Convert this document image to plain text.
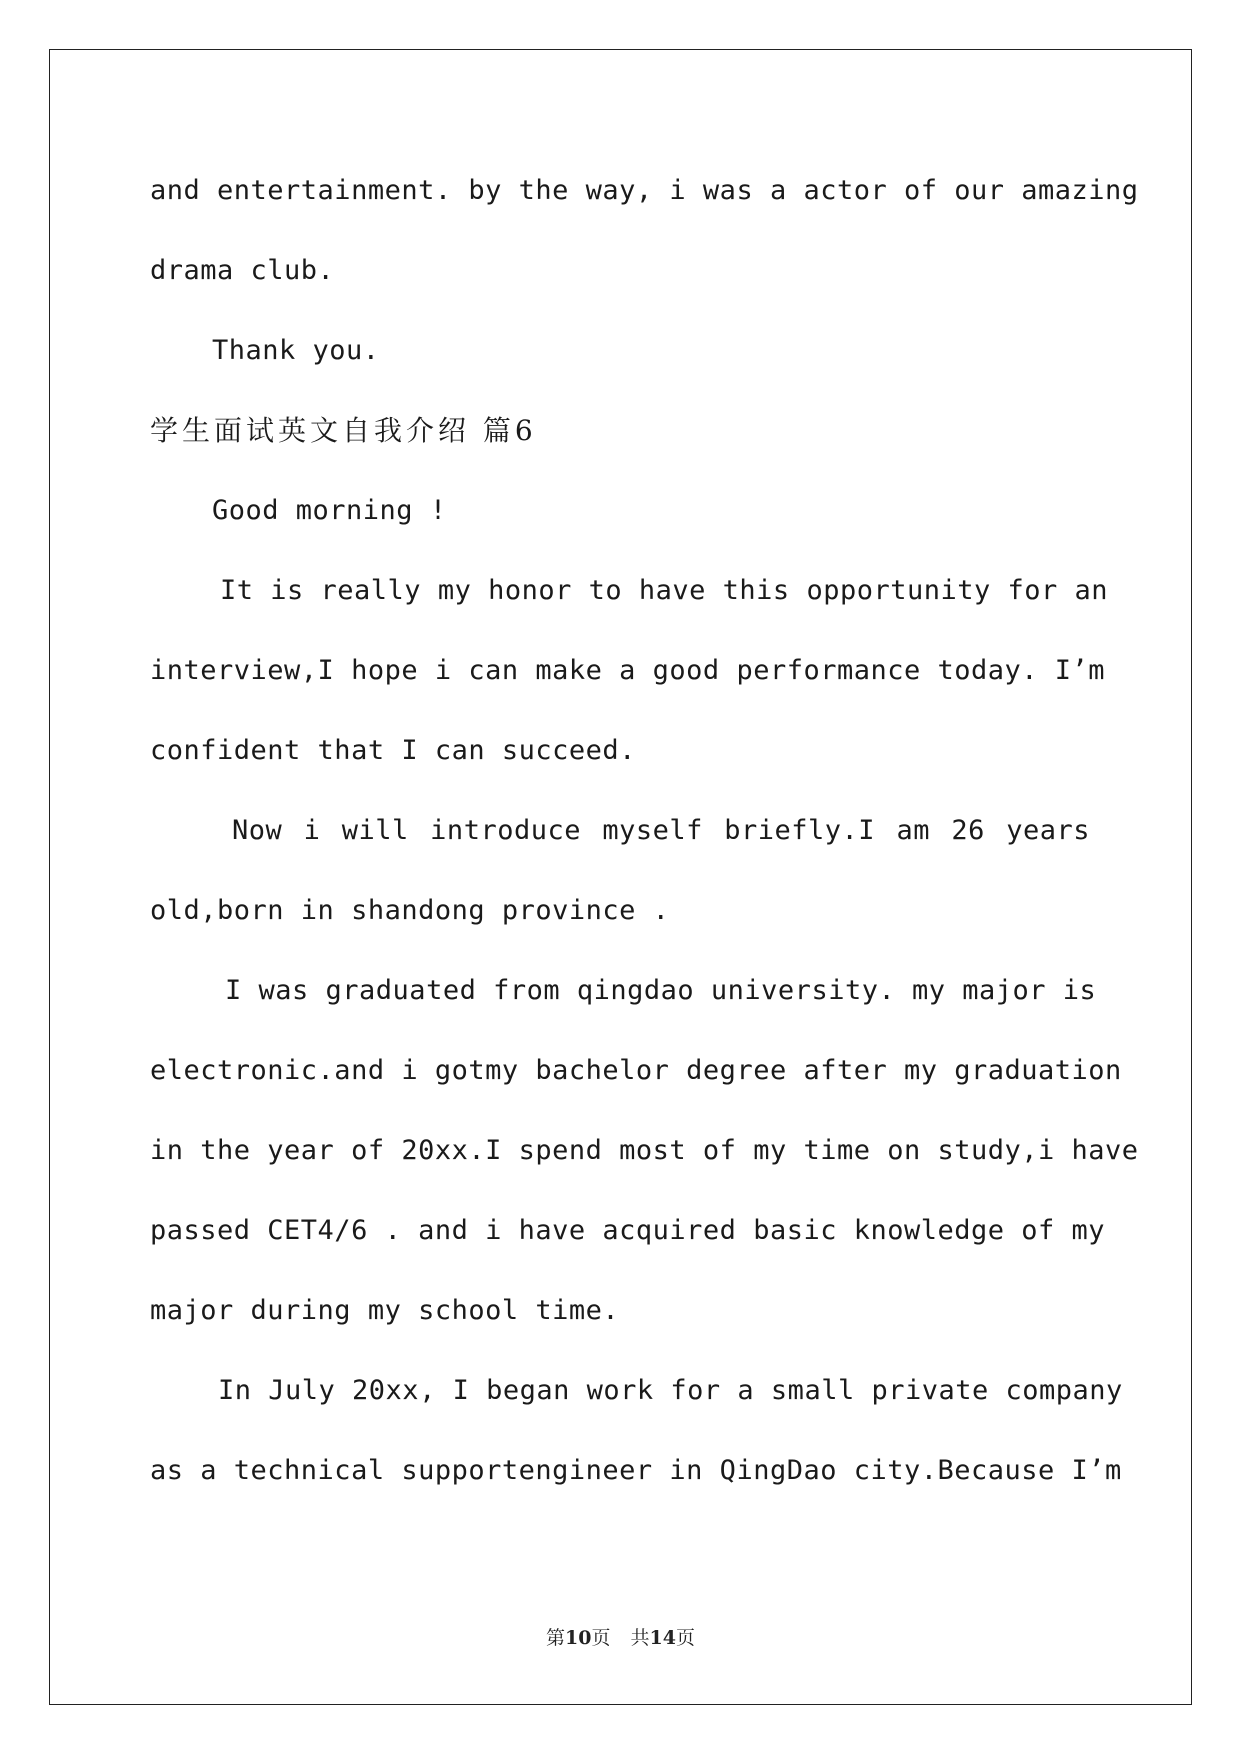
and entertainment. by the way, i was a actor of our amazing
drama club.
Thank you.
学生面试英文自我介绍 篇6
Good morning !
It is really my honor to have this opportunity for an
interview,I hope i can make a good performance today. I’m
confident that I can succeed.
Now i will introduce myself briefly.I am 26 years
old,born in shandong province .
I was graduated from qingdao university. my major is
electronic.and i gotmy bachelor degree after my graduation
in the year of 20xx.I spend most of my time on study,i have
passed CET4/6 . and i have acquired basic knowledge of my
major during my school time.
In July 20xx, I began work for a small private company
as a technical supportengineer in QingDao city.Because I’m
第10页 共14页
